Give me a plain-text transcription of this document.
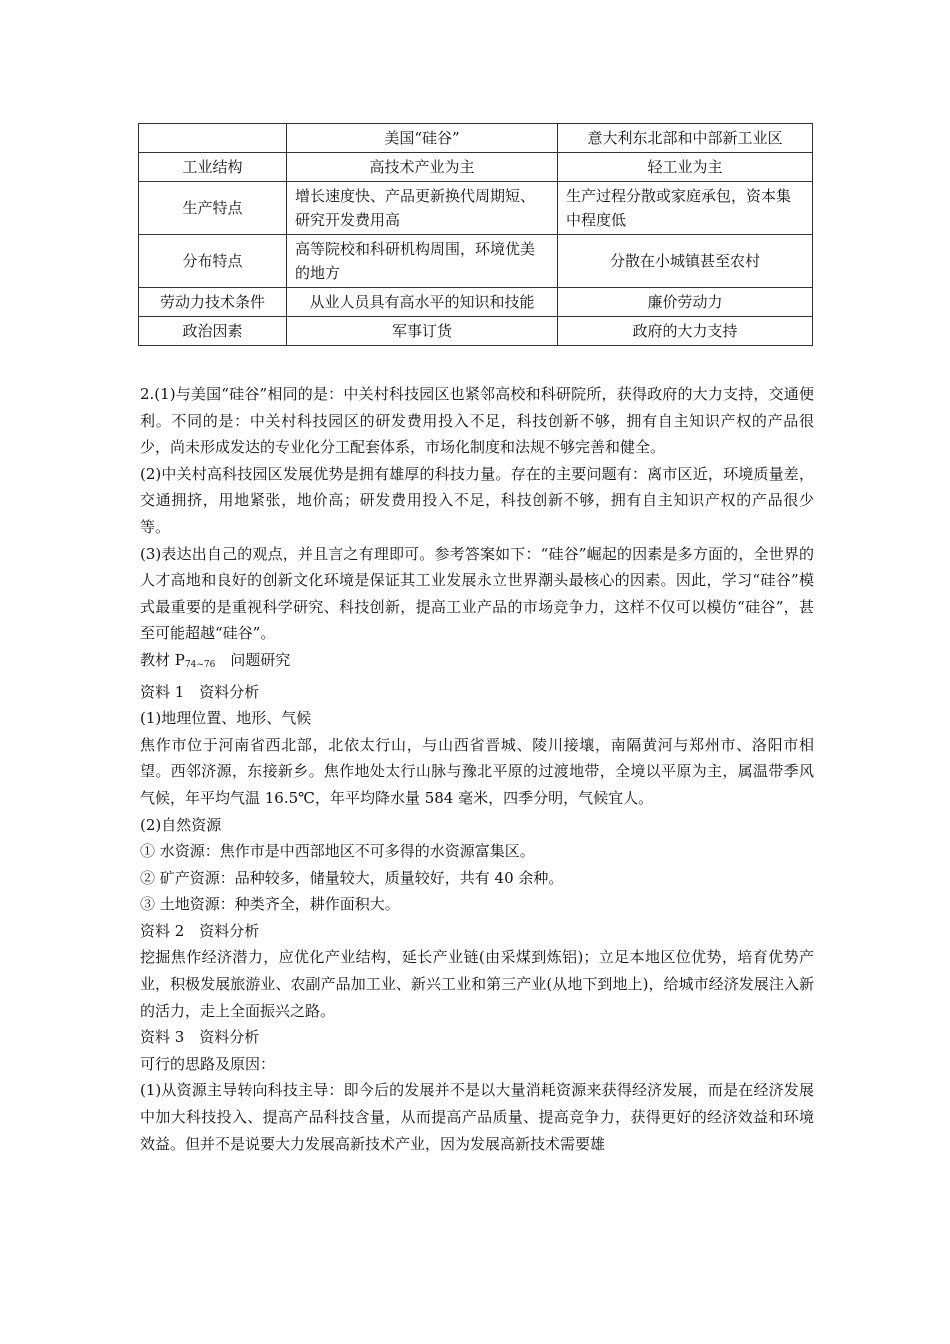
	美国“硅谷”	意大利东北部和中部新工业区
工业结构	高技术产业为主	轻工业为主
生产特点	增长速度快、产品更新换代周期短、研究开发费用高	生产过程分散或家庭承包，资本集中程度低
分布特点	高等院校和科研机构周围，环境优美的地方	分散在小城镇甚至农村
劳动力技术条件	从业人员具有高水平的知识和技能	廉价劳动力
政治因素	军事订货	政府的大力支持

2.(1)与美国“硅谷”相同的是：中关村科技园区也紧邻高校和科研院所，获得政府的大力支持，交通便利。不同的是：中关村科技园区的研发费用投入不足，科技创新不够，拥有自主知识产权的产品很少，尚未形成发达的专业化分工配套体系，市场化制度和法规不够完善和健全。

(2)中关村高科技园区发展优势是拥有雄厚的科技力量。存在的主要问题有：离市区近，环境质量差，交通拥挤，用地紧张，地价高；研发费用投入不足，科技创新不够，拥有自主知识产权的产品很少等。

(3)表达出自己的观点，并且言之有理即可。参考答案如下：“硅谷”崛起的因素是多方面的，全世界的人才高地和良好的创新文化环境是保证其工业发展永立世界潮头最核心的因素。因此，学习“硅谷”模式最重要的是重视科学研究、科技创新，提高工业产品的市场竞争力，这样不仅可以模仿“硅谷”，甚至可能超越“硅谷”。

教材 $P_{74\sim 76}$　问题研究

资料 1　资料分析

(1)地理位置、地形、气候

焦作市位于河南省西北部，北依太行山，与山西省晋城、陵川接壤，南隔黄河与郑州市、洛阳市相望。西邻济源，东接新乡。焦作地处太行山脉与豫北平原的过渡地带，全境以平原为主，属温带季风气候，年平均气温 16.5℃，年平均降水量 584 毫米，四季分明，气候宜人。

(2)自然资源

① 水资源：焦作市是中西部地区不可多得的水资源富集区。

② 矿产资源：品种较多，储量较大，质量较好，共有 40 余种。

③ 土地资源：种类齐全，耕作面积大。

资料 2　资料分析

挖掘焦作经济潜力，应优化产业结构，延长产业链(由采煤到炼铝)；立足本地区位优势，培育优势产业，积极发展旅游业、农副产品加工业、新兴工业和第三产业(从地下到地上)，给城市经济发展注入新的活力，走上全面振兴之路。

资料 3　资料分析

可行的思路及原因：

(1)从资源主导转向科技主导：即今后的发展并不是以大量消耗资源来获得经济发展，而是在经济发展中加大科技投入、提高产品科技含量，从而提高产品质量、提高竞争力，获得更好的经济效益和环境效益。但并不是说要大力发展高新技术产业，因为发展高新技术需要雄
